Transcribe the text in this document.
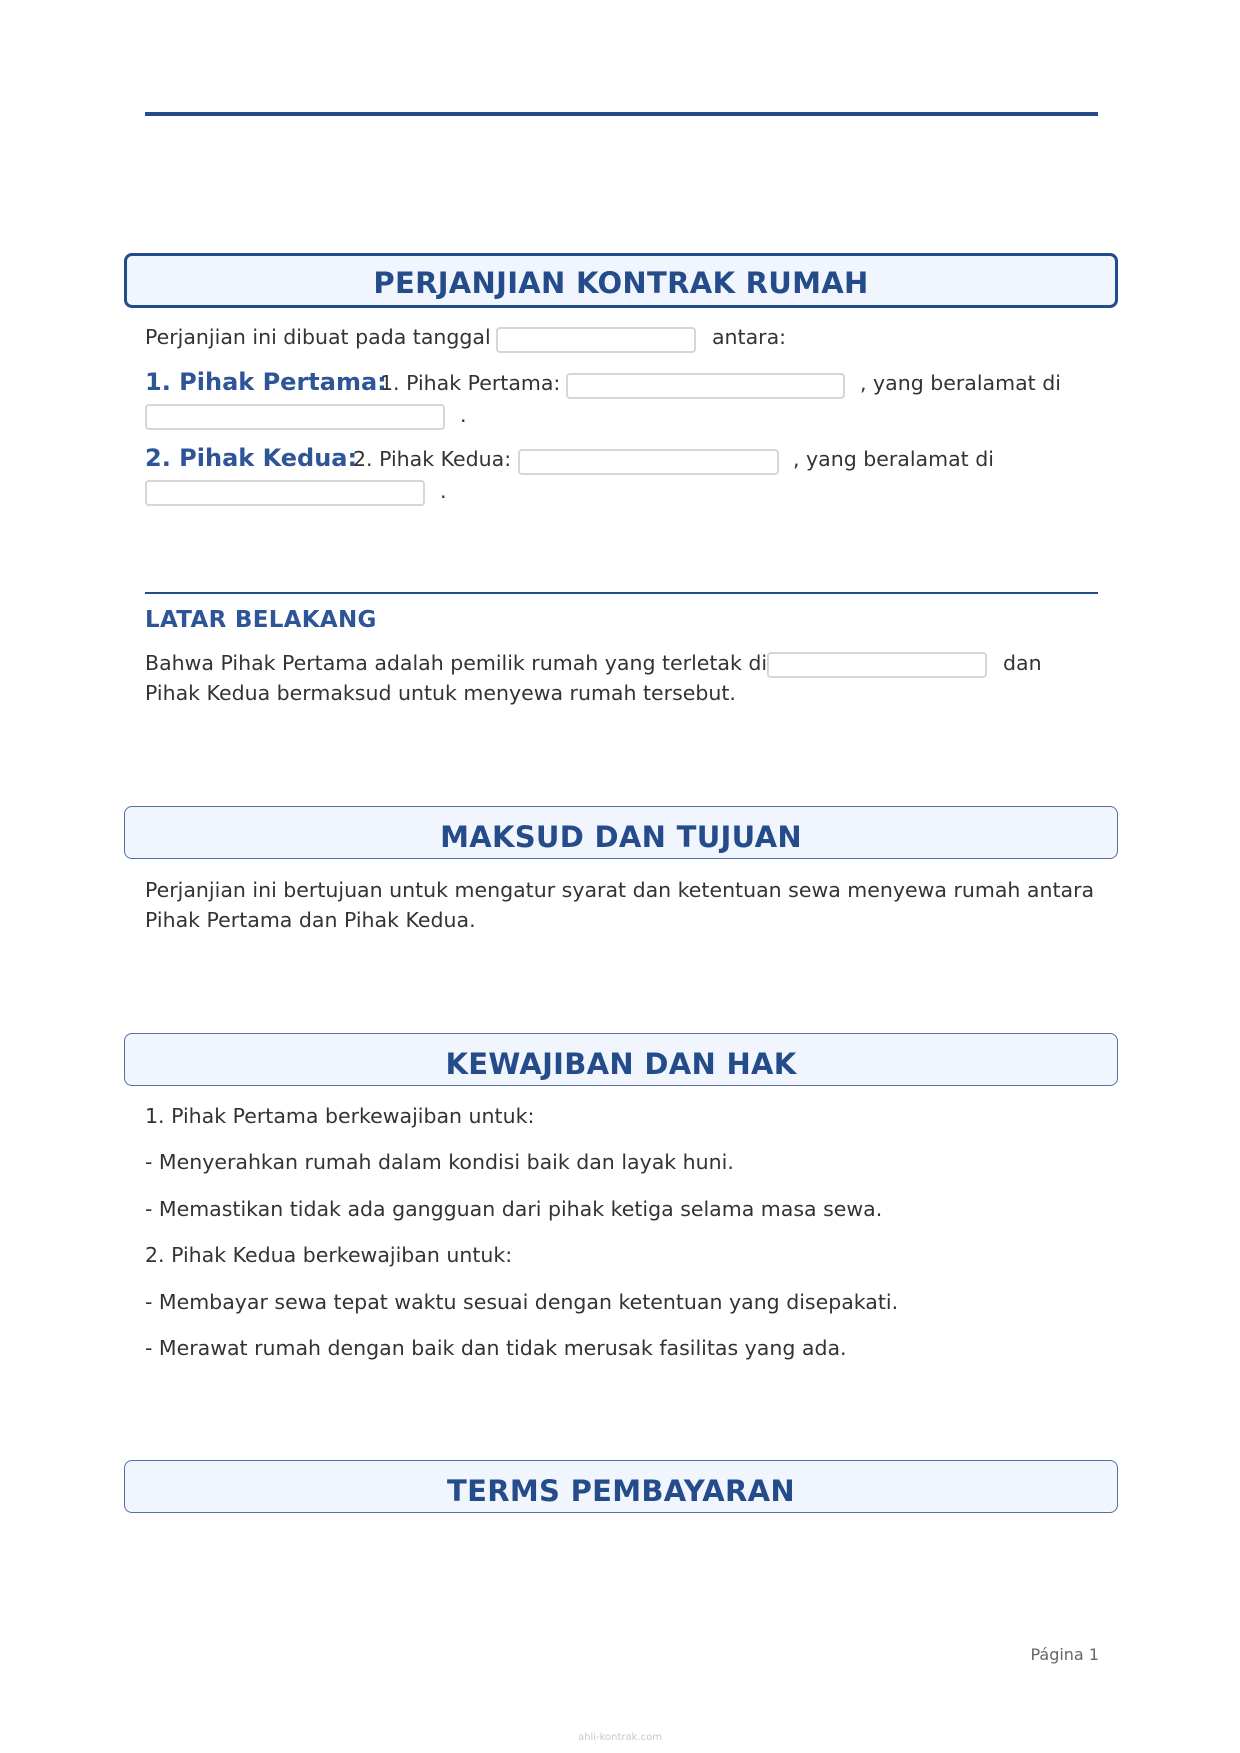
PERJANJIAN KONTRAK RUMAH
Perjanjian ini dibuat pada tanggal	antara:
1. Pihak Pertama:
1. Pihak Pertama:	, yang beralamat di
.
2. Pihak Kedua:
2. Pihak Kedua:	, yang beralamat di
.
LATAR BELAKANG
Bahwa Pihak Pertama adalah pemilik rumah yang terletak di	dan
Pihak Kedua bermaksud untuk menyewa rumah tersebut.
MAKSUD DAN TUJUAN
Perjanjian ini bertujuan untuk mengatur syarat dan ketentuan sewa menyewa rumah antara
Pihak Pertama dan Pihak Kedua.
KEWAJIBAN DAN HAK
1. Pihak Pertama berkewajiban untuk:
- Menyerahkan rumah dalam kondisi baik dan layak huni.
- Memastikan tidak ada gangguan dari pihak ketiga selama masa sewa.
2. Pihak Kedua berkewajiban untuk:
- Membayar sewa tepat waktu sesuai dengan ketentuan yang disepakati.
- Merawat rumah dengan baik dan tidak merusak fasilitas yang ada.
TERMS PEMBAYARAN
Página 1
ahli-kontrak.com
